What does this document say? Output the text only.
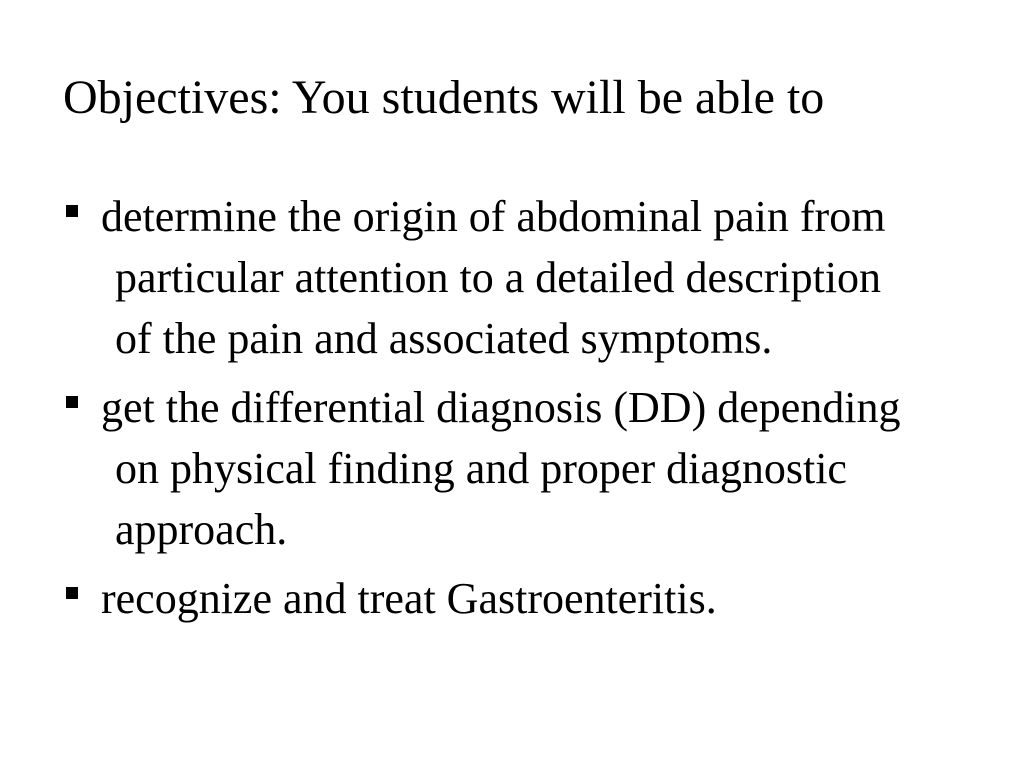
Objectives: You students will be able to
determine the origin of abdominal pain from particular attention to a detailed description of the pain and associated symptoms.
get the differential diagnosis (DD) depending on physical finding and proper diagnostic approach.
recognize and treat Gastroenteritis.
